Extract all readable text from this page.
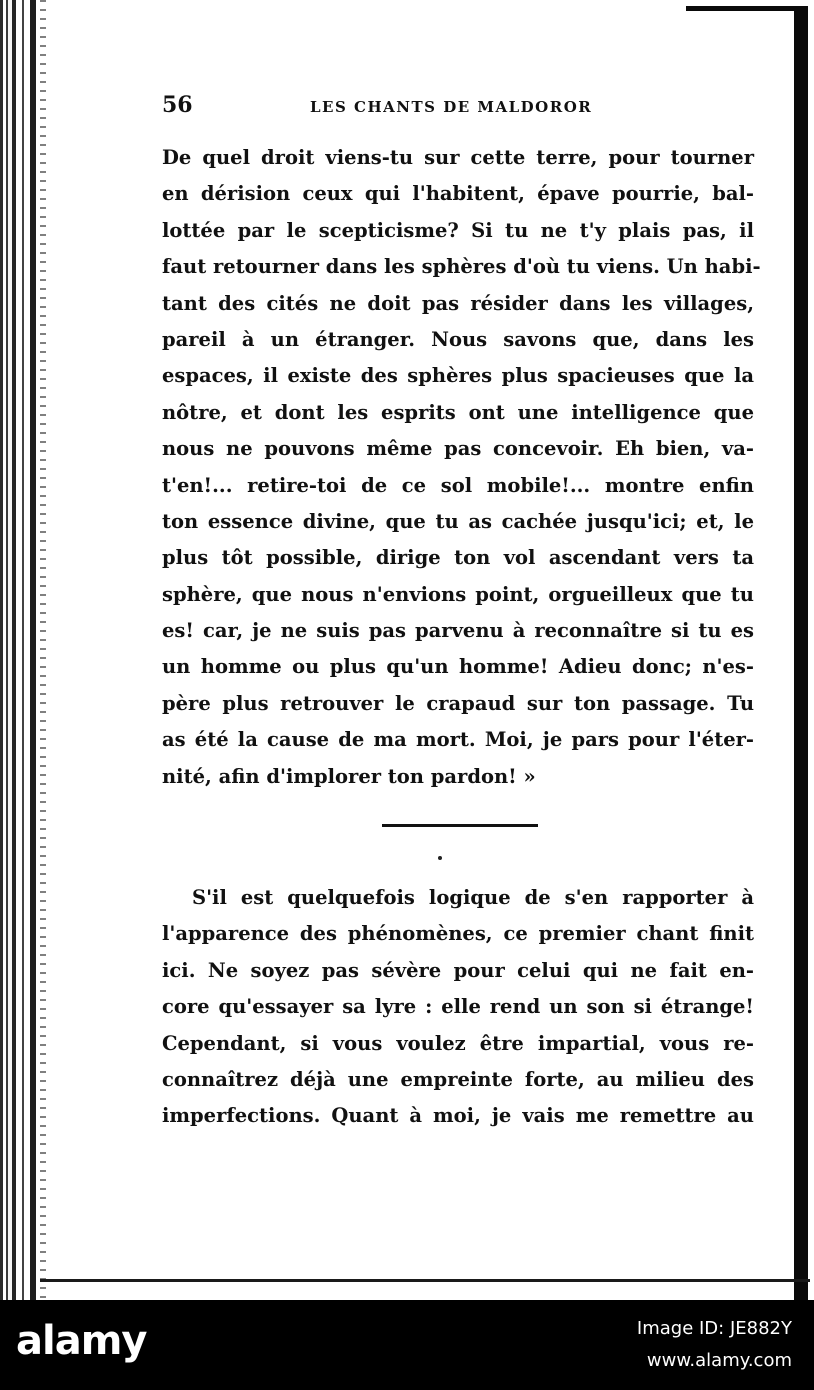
56	LES CHANTS DE MALDOROR
De quel droit viens-tu sur cette terre, pour tourner
en dérision ceux qui l'habitent, épave pourrie, bal-
lottée par le scepticisme? Si tu ne t'y plais pas, il
faut retourner dans les sphères d'où tu viens. Un habi-
tant des cités ne doit pas résider dans les villages,
pareil à un étranger. Nous savons que, dans les
espaces, il existe des sphères plus spacieuses que la
nôtre, et dont les esprits ont une intelligence que
nous ne pouvons même pas concevoir. Eh bien, va-
t'en!... retire-toi de ce sol mobile!... montre enfin
ton essence divine, que tu as cachée jusqu'ici; et, le
plus tôt possible, dirige ton vol ascendant vers ta
sphère, que nous n'envions point, orgueilleux que tu
es! car, je ne suis pas parvenu à reconnaître si tu es
un homme ou plus qu'un homme! Adieu donc; n'es-
père plus retrouver le crapaud sur ton passage. Tu
as été la cause de ma mort. Moi, je pars pour l'éter-
nité, afin d'implorer ton pardon! »
S'il est quelquefois logique de s'en rapporter à
l'apparence des phénomènes, ce premier chant finit
ici. Ne soyez pas sévère pour celui qui ne fait en-
core qu'essayer sa lyre : elle rend un son si étrange!
Cependant, si vous voulez être impartial, vous re-
connaîtrez déjà une empreinte forte, au milieu des
imperfections. Quant à moi, je vais me remettre au
alamy	Image ID: JE882Y
www.alamy.com
